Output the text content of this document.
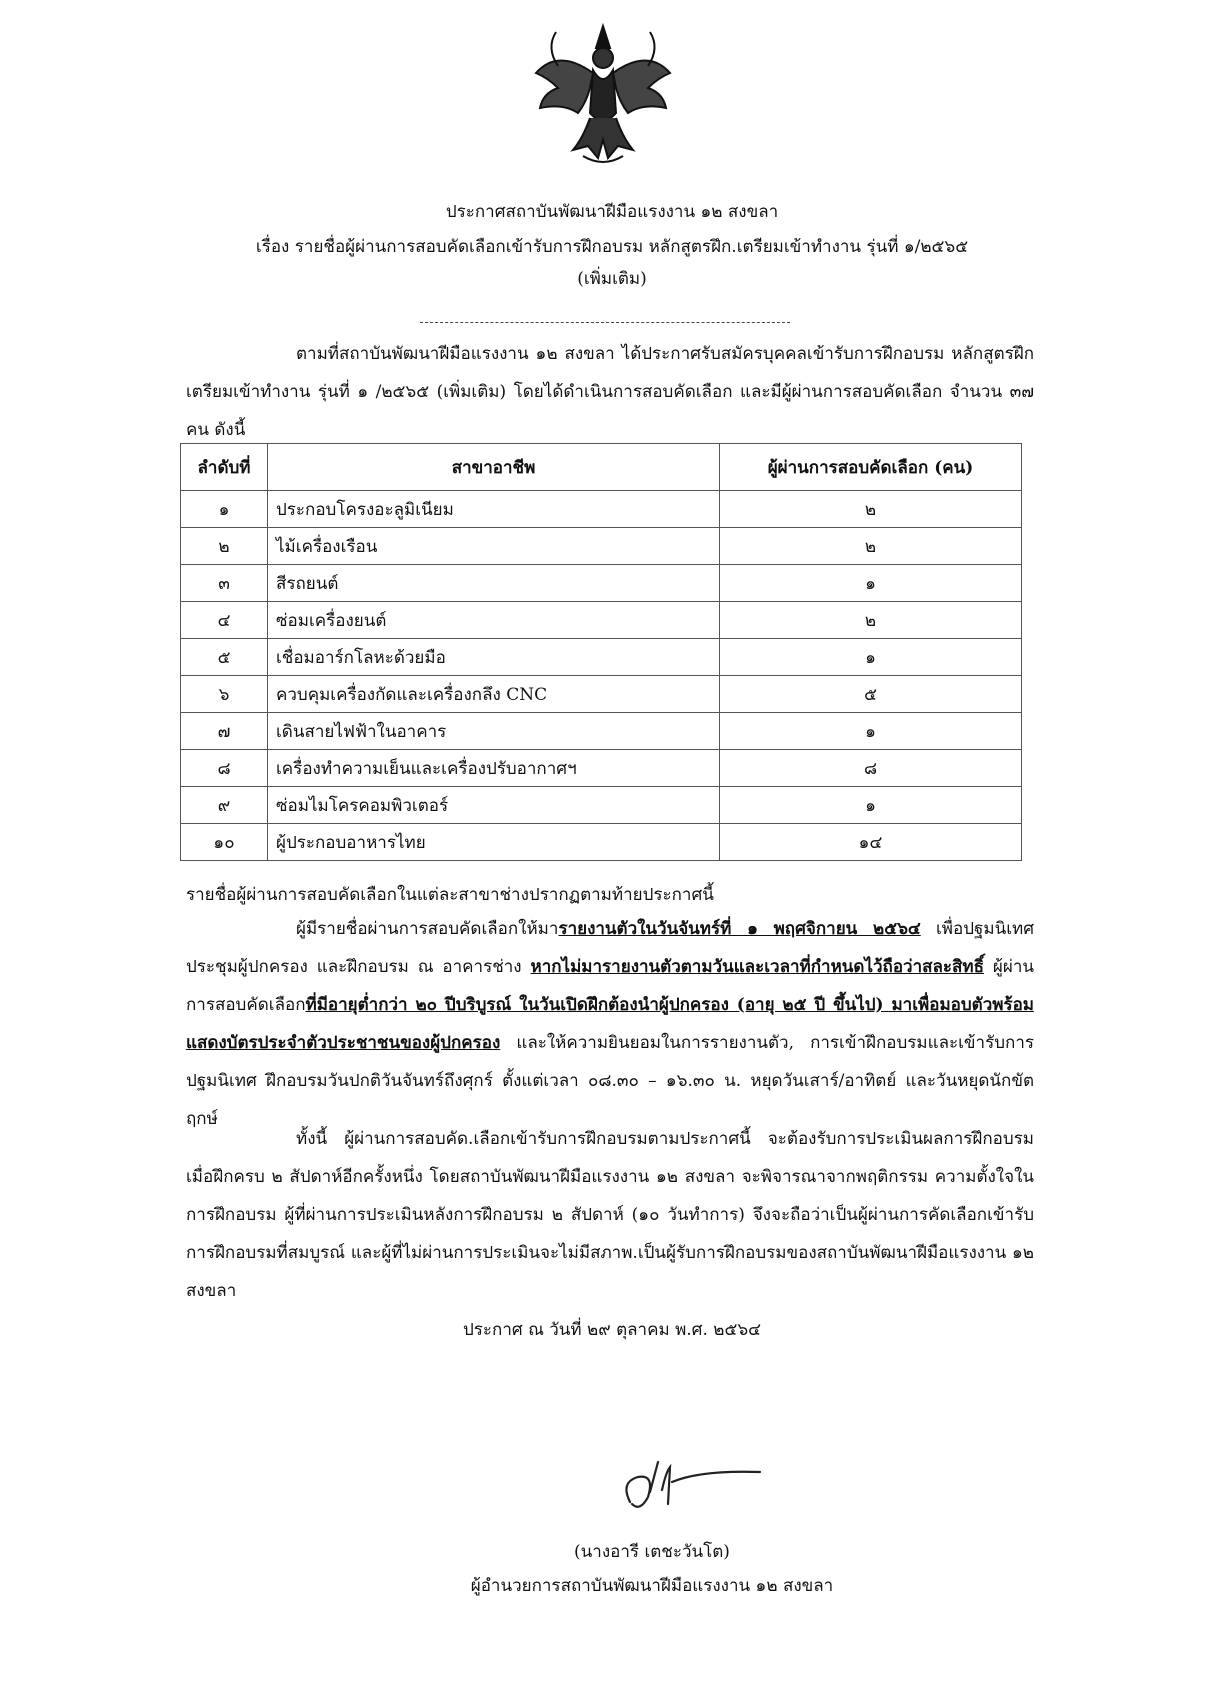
ประกาศสถาบันพัฒนาฝีมือแรงงาน ๑๒ สงขลา
เรื่อง รายชื่อผู้ผ่านการสอบคัดเลือกเข้ารับการฝึกอบรม หลักสูตรฝึก.เตรียมเข้าทำงาน รุ่นที่ ๑/๒๕๖๕
(เพิ่มเติม)
ตามที่สถาบันพัฒนาฝีมือแรงงาน ๑๒ สงขลา ได้ประกาศรับสมัครบุคคลเข้ารับการฝึกอบรม หลักสูตรฝึกเตรียมเข้าทำงาน รุ่นที่ ๑ /๒๕๖๕ (เพิ่มเติม) โดยได้ดำเนินการสอบคัดเลือก และมีผู้ผ่านการสอบคัดเลือก จำนวน ๓๗ คน ดังนี้
ลำดับที่	สาขาอาชีพ	ผู้ผ่านการสอบคัดเลือก (คน)
๑	ประกอบโครงอะลูมิเนียม	๒
๒	ไม้เครื่องเรือน	๒
๓	สีรถยนต์	๑
๔	ซ่อมเครื่องยนต์	๒
๕	เชื่อมอาร์กโลหะด้วยมือ	๑
๖	ควบคุมเครื่องกัดและเครื่องกลึง CNC	๕
๗	เดินสายไฟฟ้าในอาคาร	๑
๘	เครื่องทำความเย็นและเครื่องปรับอากาศฯ	๘
๙	ซ่อมไมโครคอมพิวเตอร์	๑
๑๐	ผู้ประกอบอาหารไทย	๑๔
รายชื่อผู้ผ่านการสอบคัดเลือกในแต่ละสาขาช่างปรากฏตามท้ายประกาศนี้
ผู้มีรายชื่อผ่านการสอบคัดเลือกให้มารายงานตัวในวันจันทร์ที่ ๑ พฤศจิกายน ๒๕๖๔ เพื่อปฐมนิเทศ ประชุมผู้ปกครอง และฝึกอบรม ณ อาคารช่าง หากไม่มารายงานตัวตามวันและเวลาที่กำหนดไว้ถือว่าสละสิทธิ์ ผู้ผ่านการสอบคัดเลือกที่มีอายุต่ำกว่า ๒๐ ปีบริบูรณ์ ในวันเปิดฝึกต้องนำผู้ปกครอง (อายุ ๒๕ ปี ขึ้นไป) มาเพื่อมอบตัวพร้อมแสดงบัตรประจำตัวประชาชนของผู้ปกครอง และให้ความยินยอมในการรายงานตัว, การเข้าฝึกอบรมและเข้ารับการปฐมนิเทศ ฝึกอบรมวันปกติวันจันทร์ถึงศุกร์ ตั้งแต่เวลา ๐๘.๓๐ – ๑๖.๓๐ น. หยุดวันเสาร์/อาทิตย์ และวันหยุดนักขัตฤกษ์
ทั้งนี้ ผู้ผ่านการสอบคัด.เลือกเข้ารับการฝึกอบรมตามประกาศนี้ จะต้องรับการประเมินผลการฝึกอบรมเมื่อฝึกครบ ๒ สัปดาห์อีกครั้งหนึ่ง โดยสถาบันพัฒนาฝีมือแรงงาน ๑๒ สงขลา จะพิจารณาจากพฤติกรรม ความตั้งใจในการฝึกอบรม ผู้ที่ผ่านการประเมินหลังการฝึกอบรม ๒ สัปดาห์ (๑๐ วันทำการ) จึงจะถือว่าเป็นผู้ผ่านการคัดเลือกเข้ารับการฝึกอบรมที่สมบูรณ์ และผู้ที่ไม่ผ่านการประเมินจะไม่มีสภาพ.เป็นผู้รับการฝึกอบรมของสถาบันพัฒนาฝีมือแรงงาน ๑๒ สงขลา
ประกาศ ณ วันที่ ๒๙ ตุลาคม พ.ศ. ๒๕๖๔
(นางอารี เตชะวันโต)
ผู้อำนวยการสถาบันพัฒนาฝีมือแรงงาน ๑๒ สงขลา
